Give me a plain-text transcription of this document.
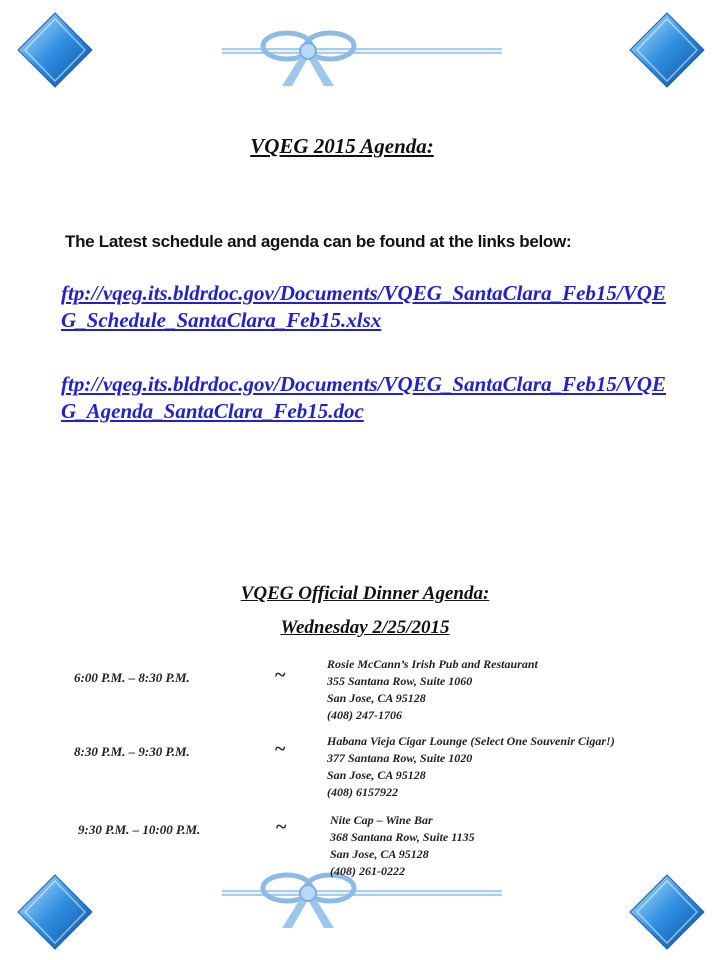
VQEG 2015 Agenda:
The Latest schedule and agenda can be found at the links below:
ftp://vqeg.its.bldrdoc.gov/Documents/VQEG_SantaClara_Feb15/VQEG_Schedule_SantaClara_Feb15.xlsx
ftp://vqeg.its.bldrdoc.gov/Documents/VQEG_SantaClara_Feb15/VQEG_Agenda_SantaClara_Feb15.doc
VQEG Official Dinner Agenda:
Wednesday 2/25/2015
6:00 P.M. – 8:30 P.M.	~	Rosie McCann’s Irish Pub and Restaurant
355 Santana Row, Suite 1060
San Jose, CA 95128
(408) 247-1706
8:30 P.M. – 9:30 P.M.	~	Habana Vieja Cigar Lounge (Select One Souvenir Cigar!)
377 Santana Row, Suite 1020
San Jose, CA 95128
(408) 6157922
9:30 P.M. – 10:00 P.M.	~	Nite Cap – Wine Bar
368 Santana Row, Suite 1135
San Jose, CA 95128
(408) 261-0222
